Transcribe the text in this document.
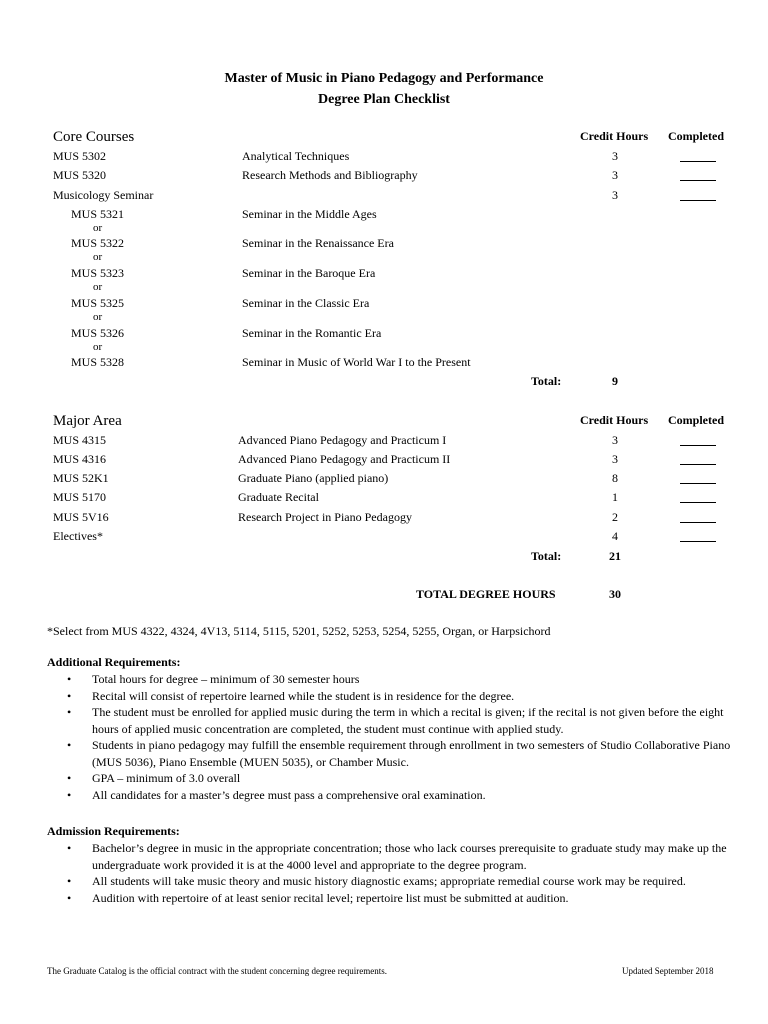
Master of Music in Piano Pedagogy and Performance
Degree Plan Checklist
Core Courses	Credit Hours Completed
MUS 5302	Analytical Techniques	3
MUS 5320	Research Methods and Bibliography	3
Musicology Seminar	3
MUS 5321	Seminar in the Middle Ages
or
MUS 5322	Seminar in the Renaissance Era
or
MUS 5323	Seminar in the Baroque Era
or
MUS 5325	Seminar in the Classic Era
or
MUS 5326	Seminar in the Romantic Era
or
MUS 5328	Seminar in Music of World War I to the Present
Total:	9
Major Area	Credit Hours Completed
MUS 4315	Advanced Piano Pedagogy and Practicum I	3
MUS 4316	Advanced Piano Pedagogy and Practicum II	3
MUS 52K1	Graduate Piano (applied piano)	8
MUS 5170	Graduate Recital	1
MUS 5V16	Research Project in Piano Pedagogy	2
Electives*	4
Total:	21
TOTAL DEGREE HOURS	30
*Select from MUS 4322, 4324, 4V13, 5114, 5115, 5201, 5252, 5253, 5254, 5255, Organ, or Harpsichord
Additional Requirements:
• Total hours for degree – minimum of 30 semester hours
• Recital will consist of repertoire learned while the student is in residence for the degree.
• The student must be enrolled for applied music during the term in which a recital is given; if the recital is not given before the eight hours of applied music concentration are completed, the student must continue with applied study.
• Students in piano pedagogy may fulfill the ensemble requirement through enrollment in two semesters of Studio Collaborative Piano (MUS 5036), Piano Ensemble (MUEN 5035), or Chamber Music.
• GPA – minimum of 3.0 overall
• All candidates for a master’s degree must pass a comprehensive oral examination.
Admission Requirements:
• Bachelor’s degree in music in the appropriate concentration; those who lack courses prerequisite to graduate study may make up the undergraduate work provided it is at the 4000 level and appropriate to the degree program.
• All students will take music theory and music history diagnostic exams; appropriate remedial course work may be required.
• Audition with repertoire of at least senior recital level; repertoire list must be submitted at audition.
The Graduate Catalog is the official contract with the student concerning degree requirements.	Updated September 2018
